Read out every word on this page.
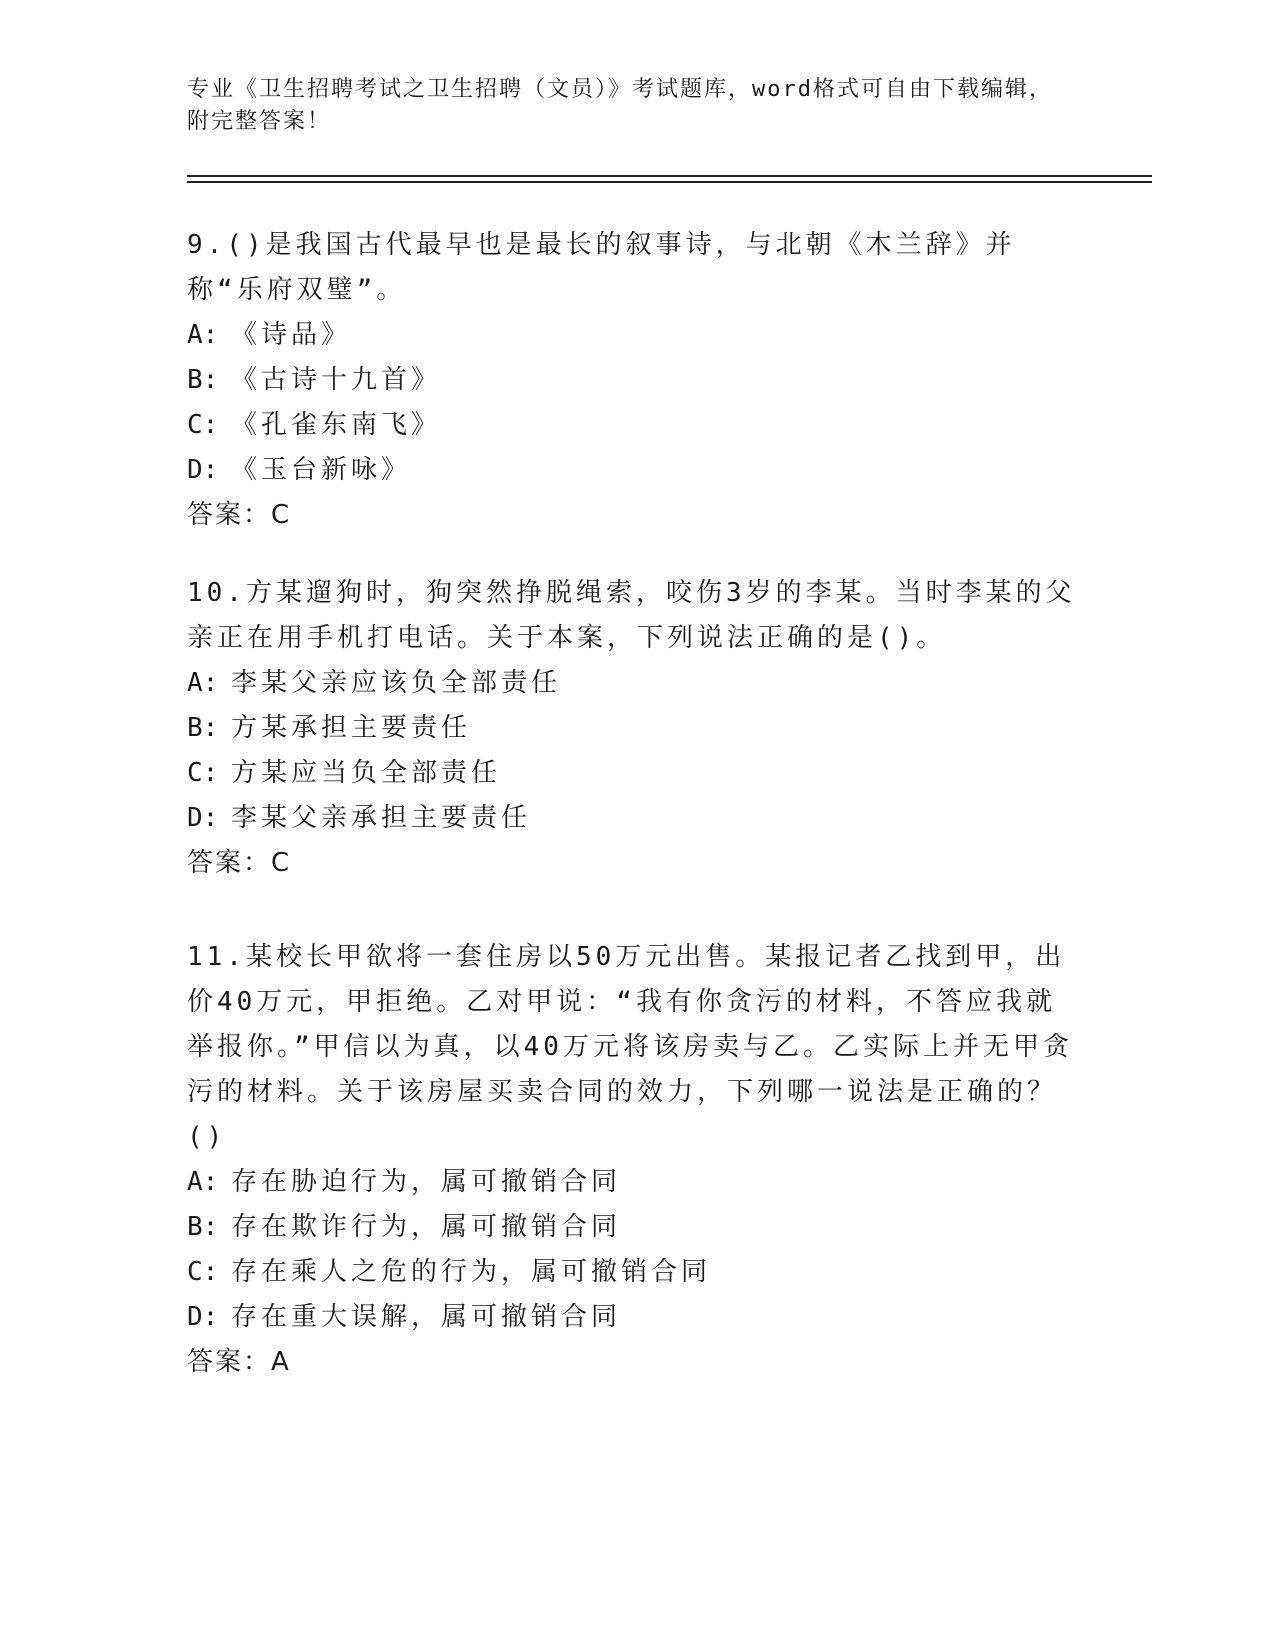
专业《卫生招聘考试之卫生招聘（文员）》考试题库，word格式可自由下载编辑，附完整答案！

9.()是我国古代最早也是最长的叙事诗，与北朝《木兰辞》并称“乐府双璧”。

A: 《诗品》
B: 《古诗十九首》
C: 《孔雀东南飞》
D: 《玉台新咏》
答案： C

10.方某遛狗时，狗突然挣脱绳索，咬伤3岁的李某。当时李某的父亲正在用手机打电话。关于本案，下列说法正确的是()。

A: 李某父亲应该负全部责任
B: 方某承担主要责任
C: 方某应当负全部责任
D: 李某父亲承担主要责任
答案： C

11.某校长甲欲将一套住房以50万元出售。某报记者乙找到甲，出价40万元，甲拒绝。乙对甲说：“我有你贪污的材料，不答应我就举报你。”甲信以为真，以40万元将该房卖与乙。乙实际上并无甲贪污的材料。关于该房屋买卖合同的效力，下列哪一说法是正确的？()

A: 存在胁迫行为，属可撤销合同
B: 存在欺诈行为，属可撤销合同
C: 存在乘人之危的行为，属可撤销合同
D: 存在重大误解，属可撤销合同
答案： A
